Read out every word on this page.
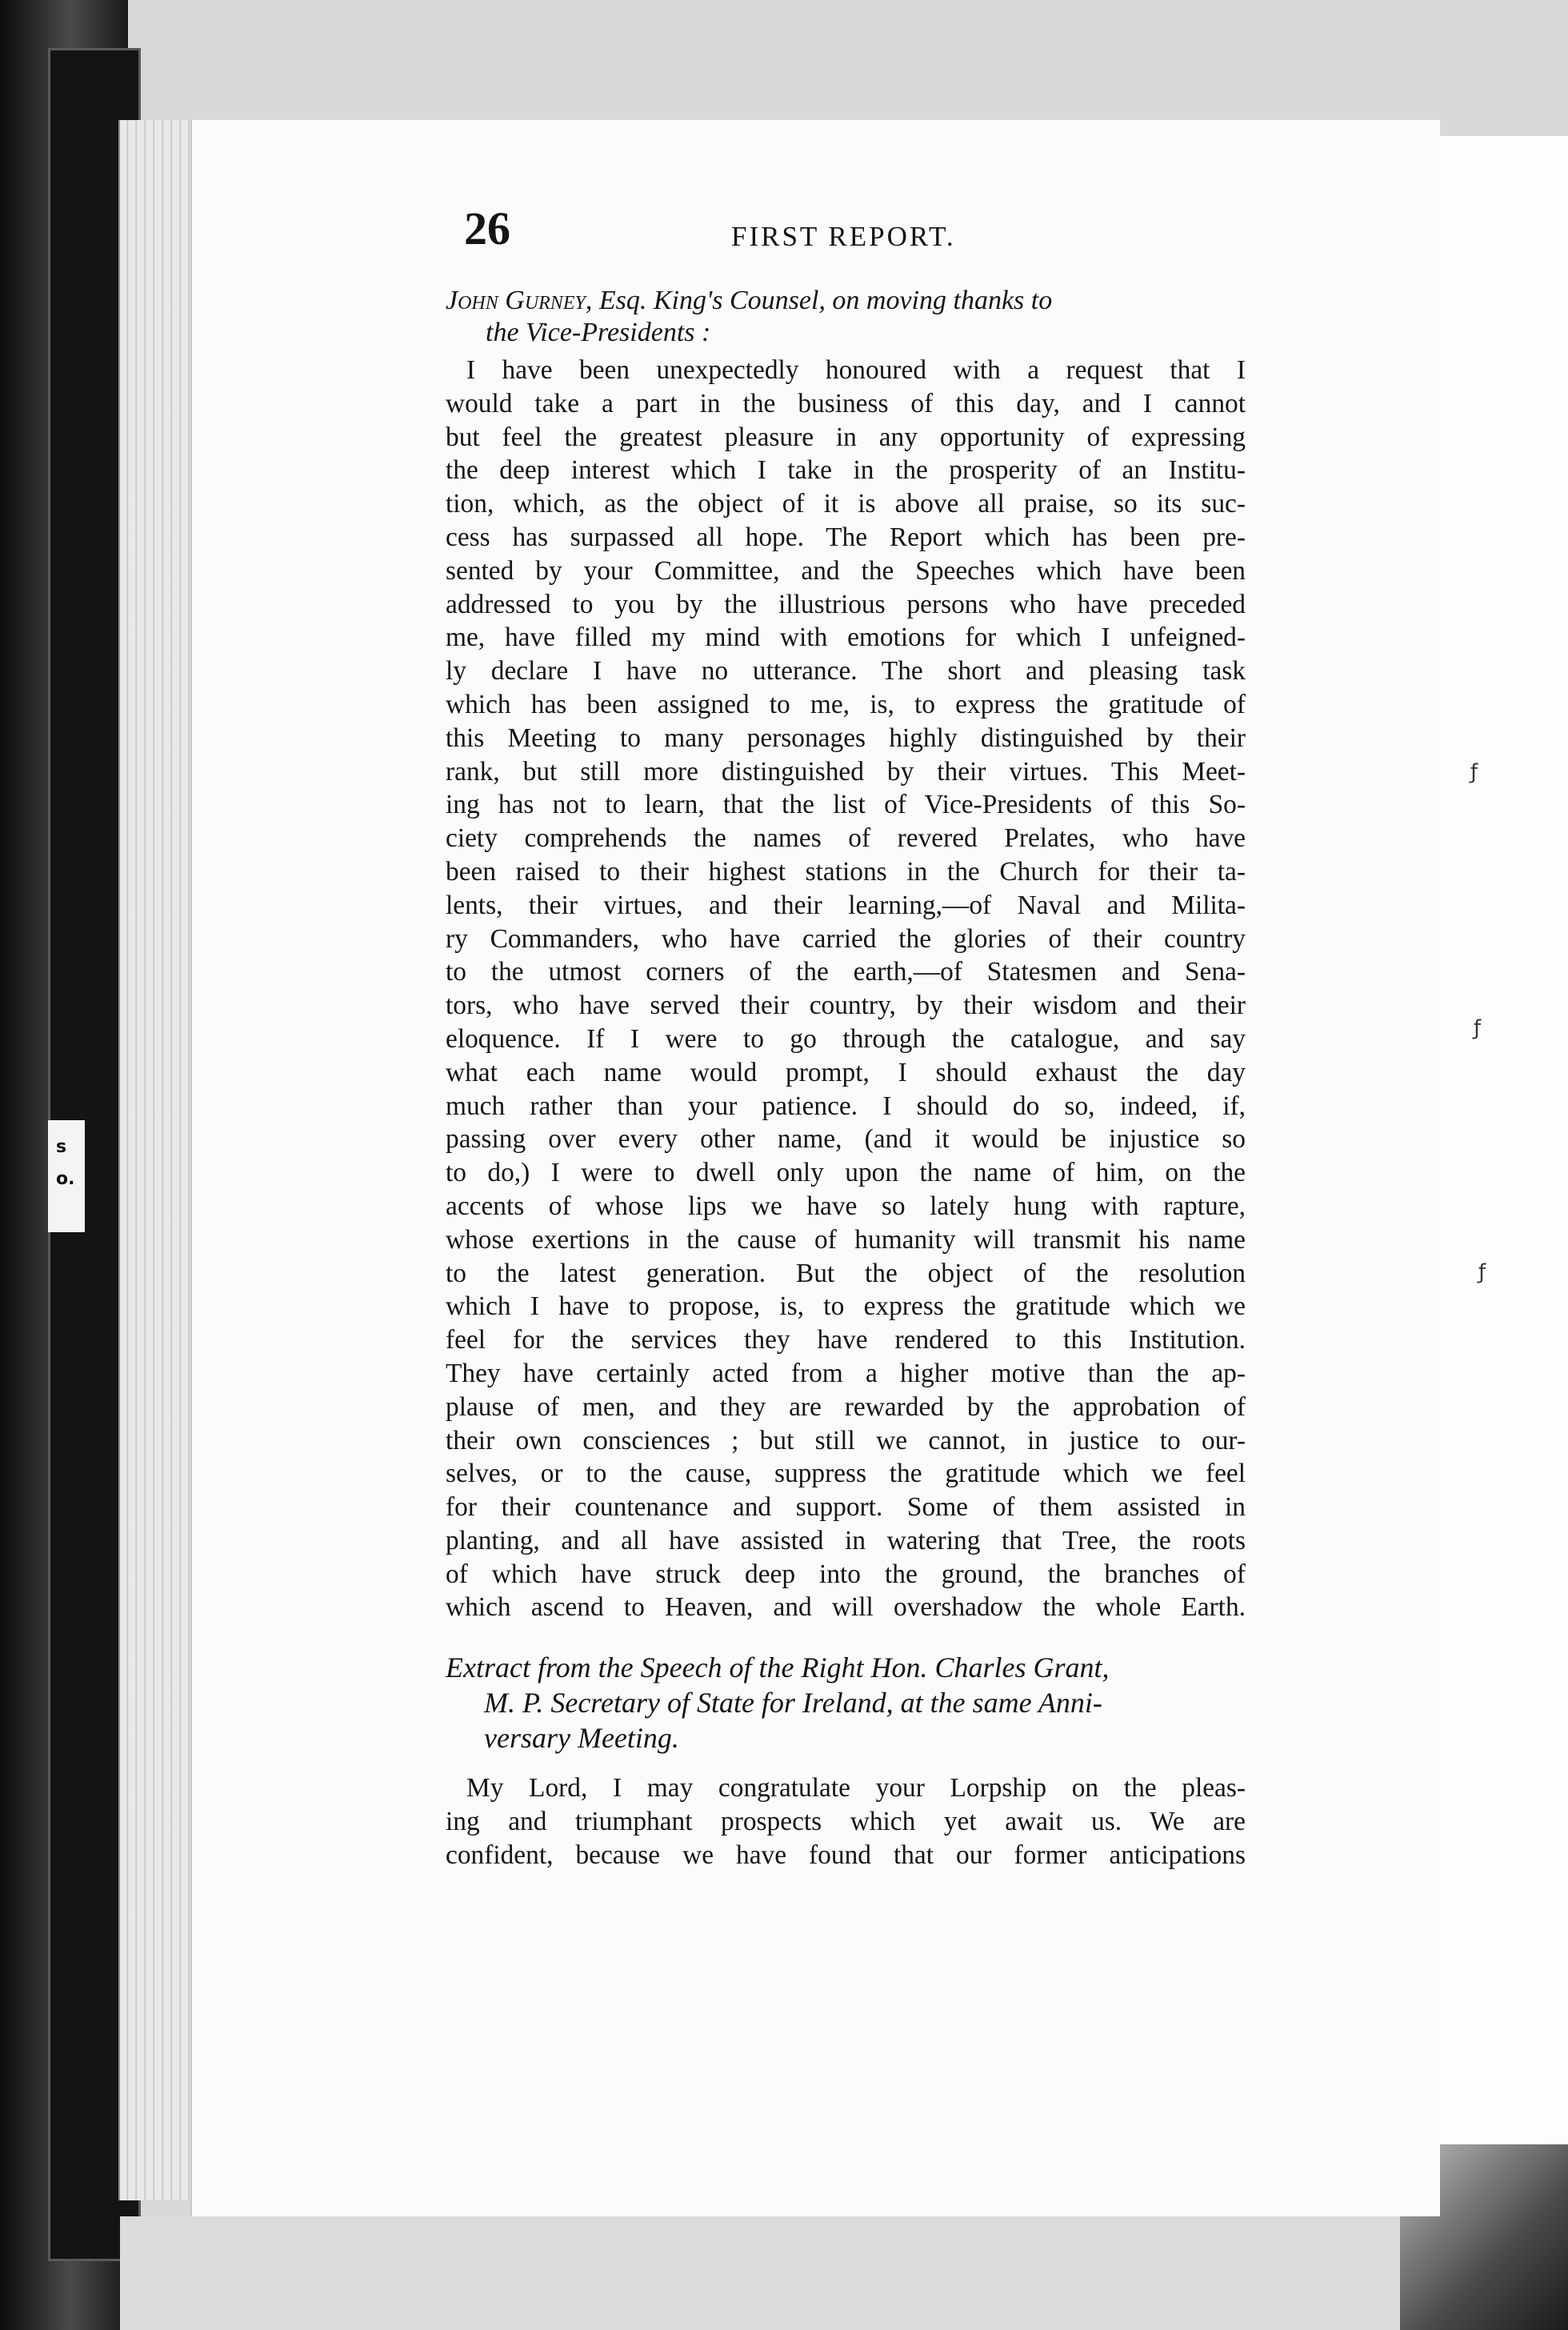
s
o.
ƒ
ƒ
ƒ
26	FIRST REPORT.

John Gurney, Esq. King's Counsel, on moving thanks to
the Vice-Presidents :

I have been unexpectedly honoured with a request that I
would take a part in the business of this day, and I cannot
but feel the greatest pleasure in any opportunity of expressing
the deep interest which I take in the prosperity of an Institu-
tion, which, as the object of it is above all praise, so its suc-
cess has surpassed all hope. The Report which has been pre-
sented by your Committee, and the Speeches which have been
addressed to you by the illustrious persons who have preceded
me, have filled my mind with emotions for which I unfeigned-
ly declare I have no utterance. The short and pleasing task
which has been assigned to me, is, to express the gratitude of
this Meeting to many personages highly distinguished by their
rank, but still more distinguished by their virtues. This Meet-
ing has not to learn, that the list of Vice-Presidents of this So-
ciety comprehends the names of revered Prelates, who have
been raised to their highest stations in the Church for their ta-
lents, their virtues, and their learning,—of Naval and Milita-
ry Commanders, who have carried the glories of their country
to the utmost corners of the earth,—of Statesmen and Sena-
tors, who have served their country, by their wisdom and their
eloquence. If I were to go through the catalogue, and say
what each name would prompt, I should exhaust the day
much rather than your patience. I should do so, indeed, if,
passing over every other name, (and it would be injustice so
to do,) I were to dwell only upon the name of him, on the
accents of whose lips we have so lately hung with rapture,
whose exertions in the cause of humanity will transmit his name
to the latest generation. But the object of the resolution
which I have to propose, is, to express the gratitude which we
feel for the services they have rendered to this Institution.
They have certainly acted from a higher motive than the ap-
plause of men, and they are rewarded by the approbation of
their own consciences ; but still we cannot, in justice to our-
selves, or to the cause, suppress the gratitude which we feel
for their countenance and support. Some of them assisted in
planting, and all have assisted in watering that Tree, the roots
of which have struck deep into the ground, the branches of
which ascend to Heaven, and will overshadow the whole Earth.
Extract from the Speech of the Right Hon. Charles Grant,
M. P. Secretary of State for Ireland, at the same Anni-
versary Meeting.
My Lord, I may congratulate your Lorpship on the pleas-
ing and triumphant prospects which yet await us. We are
confident, because we have found that our former anticipations
